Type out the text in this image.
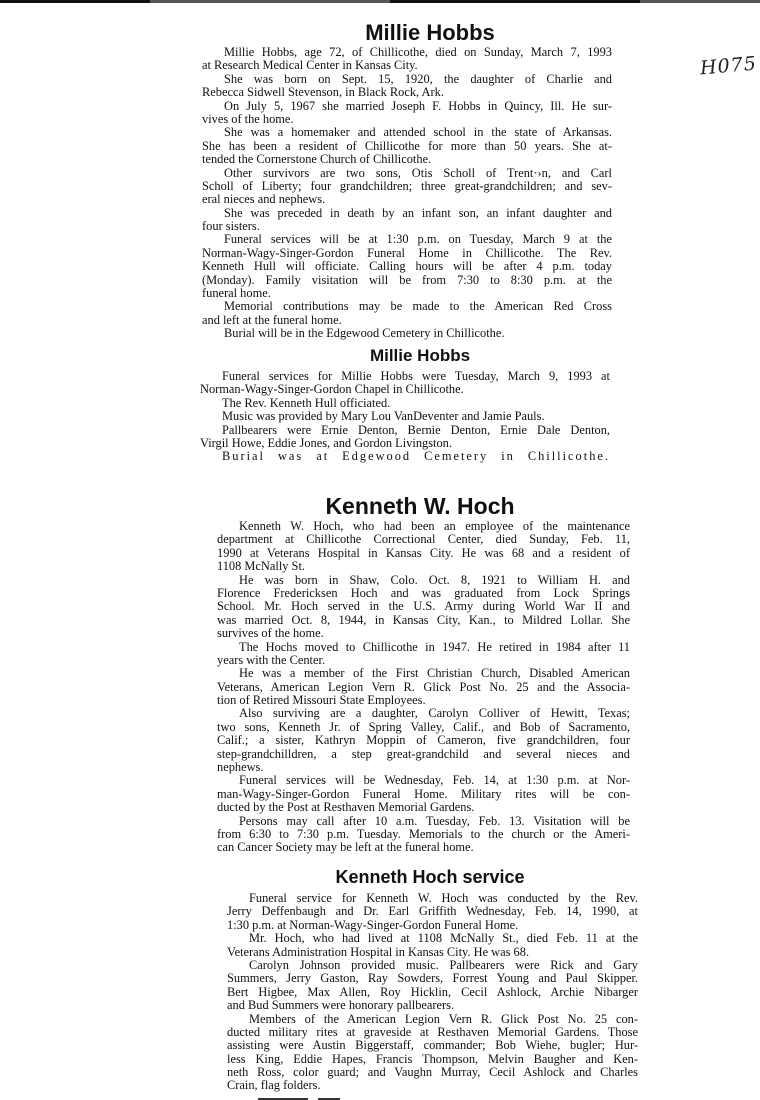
H075
Millie Hobbs
Millie Hobbs, age 72, of Chillicothe, died on Sunday, March 7, 1993
at Research Medical Center in Kansas City.
She was born on Sept. 15, 1920, the daughter of Charlie and
Rebecca Sidwell Stevenson, in Black Rock, Ark.
On July 5, 1967 she married Joseph F. Hobbs in Quincy, Ill. He sur-
vives of the home.
She was a homemaker and attended school in the state of Arkansas.
She has been a resident of Chillicothe for more than 50 years. She at-
tended the Cornerstone Church of Chillicothe.
Other survivors are two sons, Otis Scholl of Trent·›n, and Carl
Scholl of Liberty; four grandchildren; three great-grandchildren; and sev-
eral nieces and nephews.
She was preceded in death by an infant son, an infant daughter and
four sisters.
Funeral services will be at 1:30 p.m. on Tuesday, March 9 at the
Norman-Wagy-Singer-Gordon Funeral Home in Chillicothe. The Rev.
Kenneth Hull will officiate. Calling hours will be after 4 p.m. today
(Monday). Family visitation will be from 7:30 to 8:30 p.m. at the
funeral home.
Memorial contributions may be made to the American Red Cross
and left at the funeral home.
Burial will be in the Edgewood Cemetery in Chillicothe.
Millie Hobbs
Funeral services for Millie Hobbs were Tuesday, March 9, 1993 at
Norman-Wagy-Singer-Gordon Chapel in Chillicothe.
The Rev. Kenneth Hull officiated.
Music was provided by Mary Lou VanDeventer and Jamie Pauls.
Pallbearers were Ernie Denton, Bernie Denton, Ernie Dale Denton,
Virgil Howe, Eddie Jones, and Gordon Livingston.
Burial was at Edgewood Cemetery in Chillicothe.
Kenneth W. Hoch
Kenneth W. Hoch, who had been an employee of the maintenance
department at Chillicothe Correctional Center, died Sunday, Feb. 11,
1990 at Veterans Hospital in Kansas City. He was 68 and a resident of
1108 McNally St.
He was born in Shaw, Colo. Oct. 8, 1921 to William H. and
Florence Fredericksen Hoch and was graduated from Lock Springs
School. Mr. Hoch served in the U.S. Army during World War II and
was married Oct. 8, 1944, in Kansas City, Kan., to Mildred Lollar. She
survives of the home.
The Hochs moved to Chillicothe in 1947. He retired in 1984 after 11
years with the Center.
He was a member of the First Christian Church, Disabled American
Veterans, American Legion Vern R. Glick Post No. 25 and the Associa-
tion of Retired Missouri State Employees.
Also surviving are a daughter, Carolyn Colliver of Hewitt, Texas;
two sons, Kenneth Jr. of Spring Valley, Calif., and Bob of Sacramento,
Calif.; a sister, Kathryn Moppin of Cameron, five grandchildren, four
step-grandchilldren, a step great-grandchild and several nieces and
nephews.
Funeral services will be Wednesday, Feb. 14, at 1:30 p.m. at Nor-
man-Wagy-Singer-Gordon Funeral Home. Military rites will be con-
ducted by the Post at Resthaven Memorial Gardens.
Persons may call after 10 a.m. Tuesday, Feb. 13. Visitation will be
from 6:30 to 7:30 p.m. Tuesday. Memorials to the church or the Ameri-
can Cancer Society may be left at the funeral home.
Kenneth Hoch service
Funeral service for Kenneth W. Hoch was conducted by the Rev.
Jerry Deffenbaugh and Dr. Earl Griffith Wednesday, Feb. 14, 1990, at
1:30 p.m. at Norman-Wagy-Singer-Gordon Funeral Home.
Mr. Hoch, who had lived at 1108 McNally St., died Feb. 11 at the
Veterans Administration Hospital in Kansas City. He was 68.
Carolyn Johnson provided music. Pallbearers were Rick and Gary
Summers, Jerry Gaston, Ray Sowders, Forrest Young and Paul Skipper.
Bert Higbee, Max Allen, Roy Hicklin, Cecil Ashlock, Archie Nibarger
and Bud Summers were honorary pallbearers.
Members of the American Legion Vern R. Glick Post No. 25 con-
ducted military rites at graveside at Resthaven Memorial Gardens. Those
assisting were Austin Biggerstaff, commander; Bob Wiehe, bugler; Hur-
less King, Eddie Hapes, Francis Thompson, Melvin Baugher and Ken-
neth Ross, color guard; and Vaughn Murray, Cecil Ashlock and Charles
Crain, flag folders.
